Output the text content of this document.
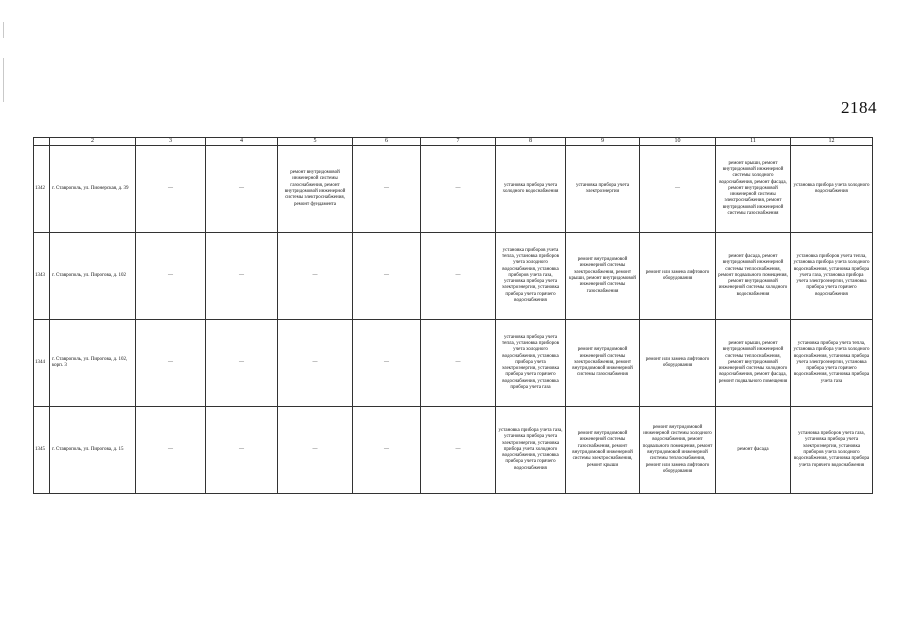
2184
	2	3	4	5	6	7	8	9	10	11	12
1342	г. Ставрополь, ул. Пионерская, д. 39	—	—	ремонт внутридомовой инженерной системы газоснабжения, ремонт внутридомовой инженерной системы электроснабжения, ремонт фундамента	—	—	установка прибора учета холодного водоснабжения	установка прибора учета электроэнергии	—	ремонт крыши, ремонт внутридомовой инженерной системы холодного водоснабжения, ремонт фасада, ремонт внутридомовой инженерной системы электроснабжения, ремонт внутридомовой инженерной системы газоснабжения	установка прибора учета холодного водоснабжения
1343	г. Ставрополь, ул. Пирогова, д. 102	—	—	—	—	—	установка приборов учета тепла, установка приборов учета холодного водоснабжения, установка приборов учета газа, установка прибора учета электроэнергии, установка прибора учета горячего водоснабжения	ремонт внутридомовой инженерной системы электроснабжения, ремонт крыши, ремонт внутридомовой инженерной системы газоснабжения	ремонт или замена лифтового оборудования	ремонт фасада, ремонт внутридомовой инженерной системы теплоснабжения, ремонт подвального помещения, ремонт внутридомовой инженерной системы холодного водоснабжения	установка приборов учета тепла, установка прибора учета холодного водоснабжения, установка прибора учета газа, установка прибора учета электроэнергии, установка прибора учета горячего водоснабжения
1344	г. Ставрополь, ул. Пирогова, д. 102, корп. 3	—	—	—	—	—	установка прибора учета тепла, установка приборов учета холодного водоснабжения, установка прибора учета электроэнергии, установка прибора учета горячего водоснабжения, установка прибора учета газа	ремонт внутридомовой инженерной системы электроснабжения, ремонт внутридомовой инженерной системы газоснабжения	ремонт или замена лифтового оборудования	ремонт крыши, ремонт внутридомовой инженерной системы теплоснабжения, ремонт внутридомовой инженерной системы холодного водоснабжения, ремонт фасада, ремонт подвального помещения	установка прибора учета тепла, установка прибора учета холодного водоснабжения, установка прибора учета электроэнергии, установка прибора учета горячего водоснабжения, установка прибора учета газа
1345	г. Ставрополь, ул. Пирогова, д. 15	—	—	—	—	—	установка прибора учета газа, установка прибора учета электроэнергии, установка прибора учета холодного водоснабжения, установка прибора учета горячего водоснабжения	ремонт внутридомовой инженерной системы газоснабжения, ремонт внутридомовой инженерной системы электроснабжения, ремонт крыши	ремонт внутридомовой инженерной системы холодного водоснабжения, ремонт подвального помещения, ремонт внутридомовой инженерной системы теплоснабжения, ремонт или замена лифтового оборудования	ремонт фасада	установка приборов учета газа, установка прибора учета электроэнергии, установка приборов учета холодного водоснабжения, установка прибора учета горячего водоснабжения
